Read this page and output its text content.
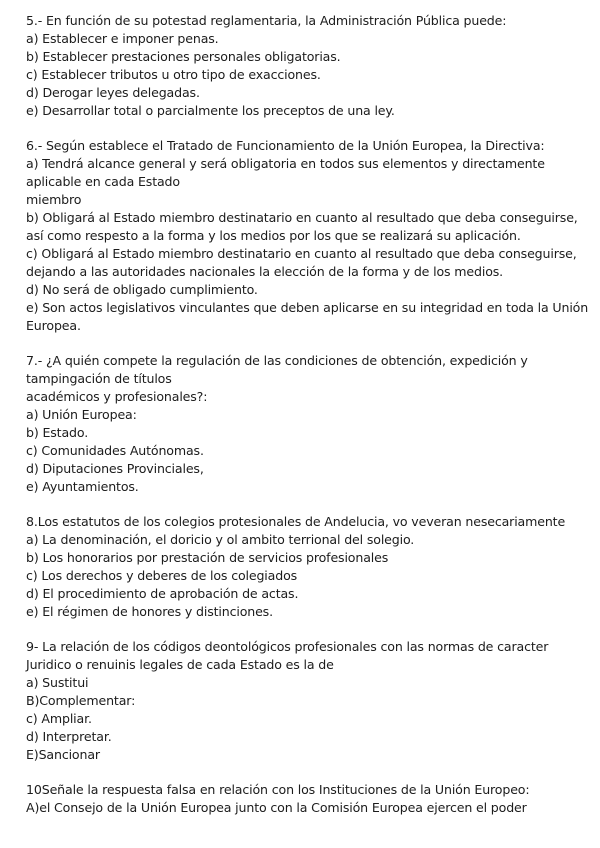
5.- En función de su potestad reglamentaria, la Administración Pública puede:
a) Establecer e imponer penas.
b) Establecer prestaciones personales obligatorias.
c) Establecer tributos u otro tipo de exacciones.
d) Derogar leyes delegadas.
e) Desarrollar total o parcialmente los preceptos de una ley.
6.- Según establece el Tratado de Funcionamiento de la Unión Europea, la Directiva:
a) Tendrá alcance general y será obligatoria en todos sus elementos y directamente
aplicable en cada Estado
miembro
b) Obligará al Estado miembro destinatario en cuanto al resultado que deba conseguirse,
así como respesto a la forma y los medios por los que se realizará su aplicación.
c) Obligará al Estado miembro destinatario en cuanto al resultado que deba conseguirse,
dejando a las autoridades nacionales la elección de la forma y de los medios.
d) No será de obligado cumplimiento.
e) Son actos legislativos vinculantes que deben aplicarse en su integridad en toda la Unión
Europea.
7.- ¿A quién compete la regulación de las condiciones de obtención, expedición y
tampingación de títulos
académicos y profesionales?:
a) Unión Europea:
b) Estado.
c) Comunidades Autónomas.
d) Diputaciones Provinciales,
e) Ayuntamientos.
8.Los estatutos de los colegios protesionales de Andelucia, vo veveran nesecariamente
a) La denominación, el doricio y ol ambito terrional del solegio.
b) Los honorarios por prestación de servicios profesionales
c) Los derechos y deberes de los colegiados
d) El procedimiento de aprobación de actas.
e) El régimen de honores y distinciones.
9- La relación de los códigos deontológicos profesionales con las normas de caracter
Juridico o renuinis legales de cada Estado es la de
a) Sustitui
B)Complementar:
c) Ampliar.
d) Interpretar.
E)Sancionar
10Señale la respuesta falsa en relación con los Instituciones de la Unión Europeo:
A)el Consejo de la Unión Europea junto con la Comisión Europea ejercen el poder
